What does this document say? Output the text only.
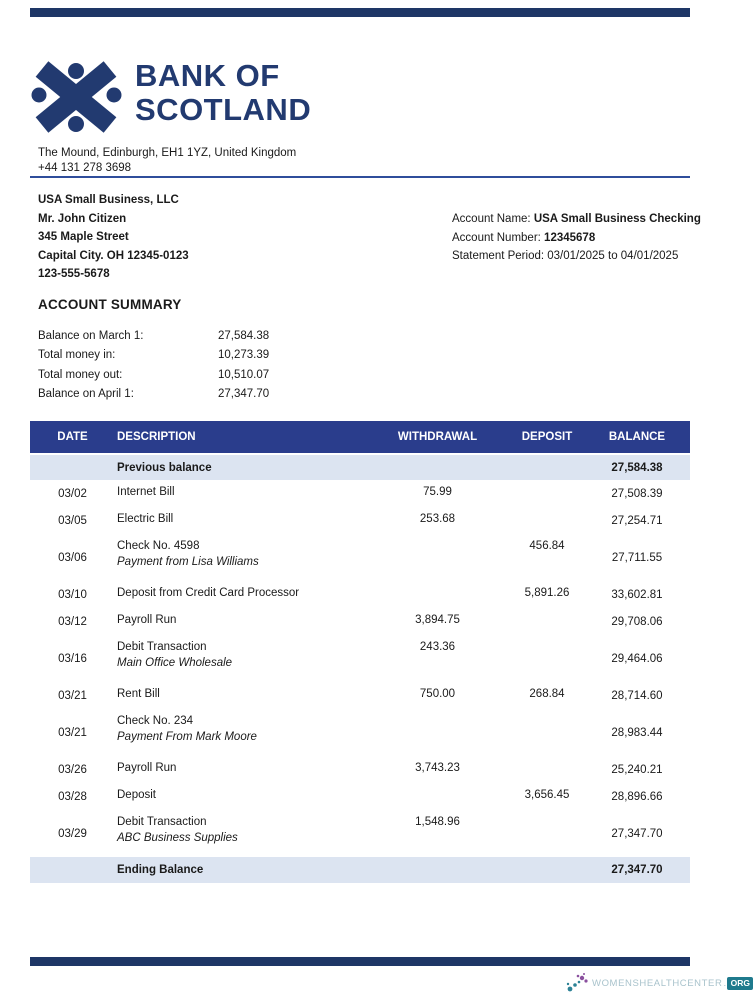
BANK OF
SCOTLAND
The Mound, Edinburgh, EH1 1YZ, United Kingdom
+44 131 278 3698
USA Small Business, LLC
Mr. John Citizen
345 Maple Street
Capital City. OH 12345-0123
123-555-5678
Account Name: USA Small Business Checking
Account Number: 12345678
Statement Period: 03/01/2025 to 04/01/2025
ACCOUNT SUMMARY
Balance on March 1:	27,584.38
Total money in:	10,273.39
Total money out:	10,510.07
Balance on April 1:	27,347.70
DATE	DESCRIPTION	WITHDRAWAL	DEPOSIT	BALANCE
	Previous balance			27,584.38
03/02	Internet Bill	75.99		27,508.39
03/05	Electric Bill	253.68		27,254.71
03/06	Check No. 4598
Payment from Lisa Williams		456.84	27,711.55
03/10	Deposit from Credit Card Processor		5,891.26	33,602.81
03/12	Payroll Run	3,894.75		29,708.06
03/16	Debit Transaction
Main Office Wholesale	243.36		29,464.06
03/21	Rent Bill	750.00	268.84	28,714.60
03/21	Check No. 234
Payment From Mark Moore			28,983.44
03/26	Payroll Run	3,743.23		25,240.21
03/28	Deposit		3,656.45	28,896.66
03/29	Debit Transaction
ABC Business Supplies	1,548.96		27,347.70
	Ending Balance			27,347.70
WOMENSHEALTHCENTER . ORG
